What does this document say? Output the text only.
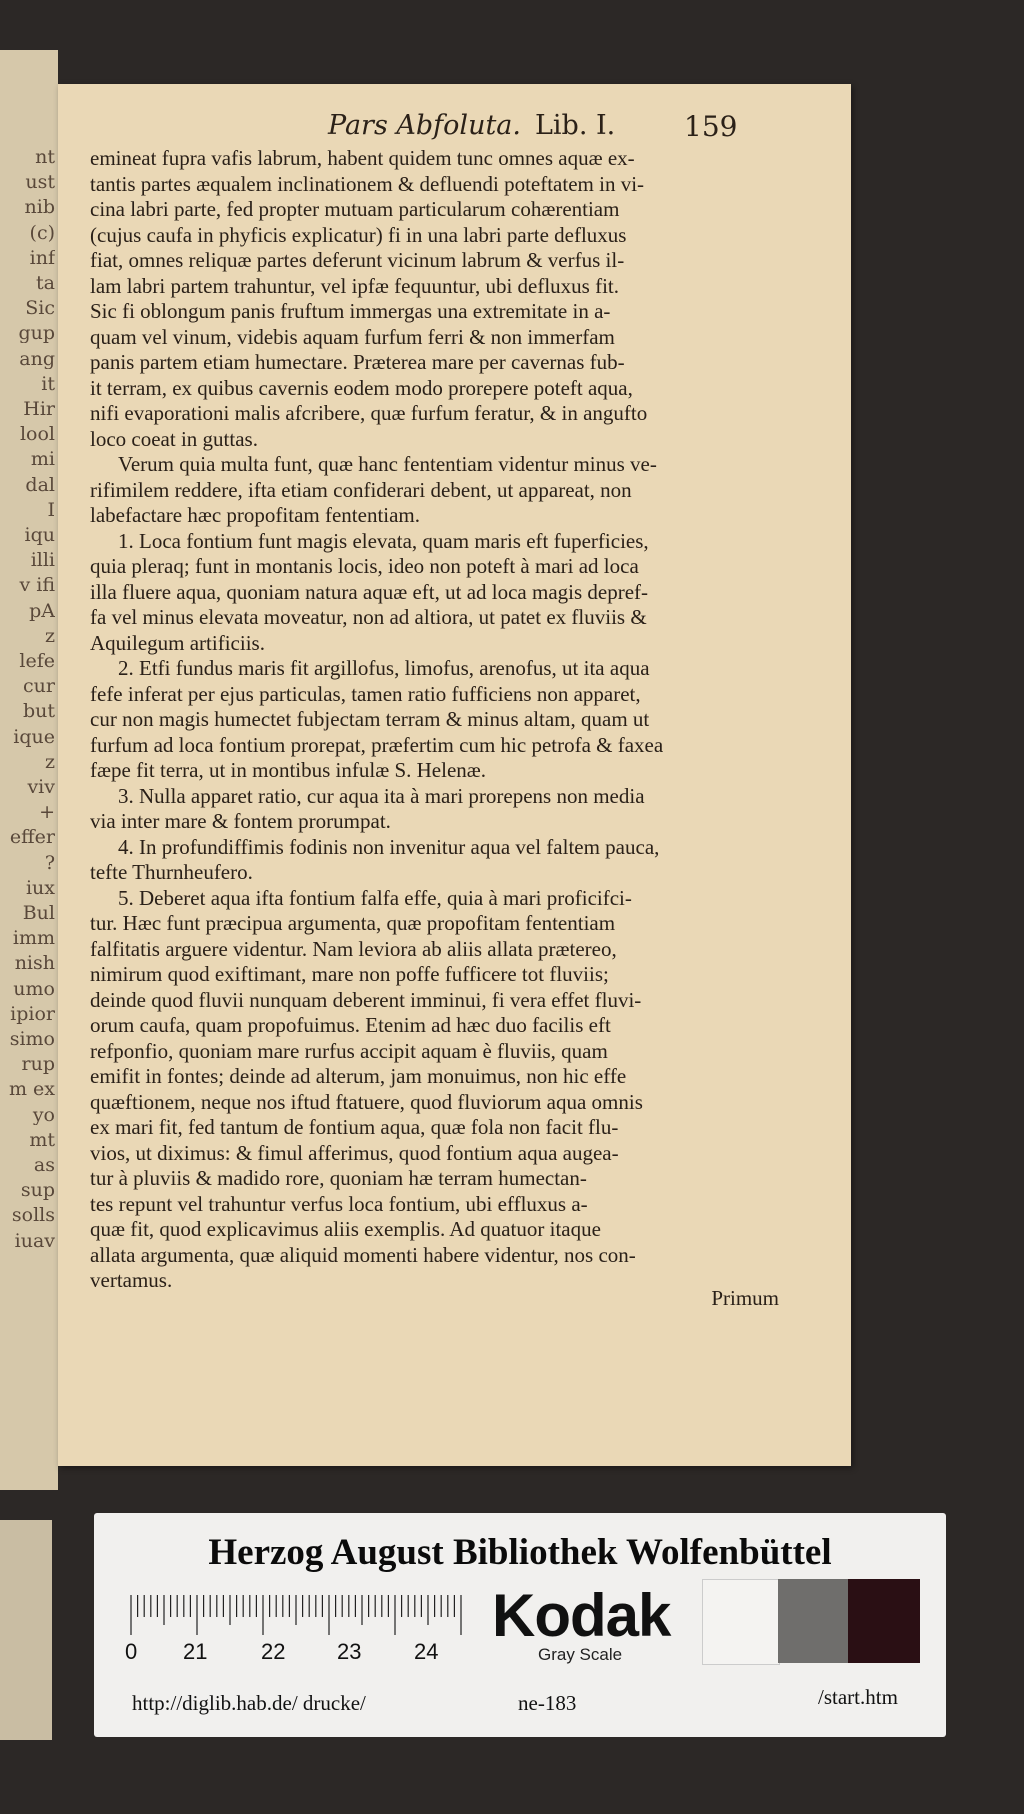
nt
ust
nib
(c)
inf
ta
Sic
gup
ang
it
Hir
lool
mi
dal
I
iqu
illi
v ifi
pA
z
lefe
cur
but
ique
z
viv
+
effer
?
iux
Bul
imm
nish
umo
ipior
simo
rup
m ex
yo
mt
as
sup
solls
iuav
Pars Abfoluta. Lib. I. 159
emineat fupra vafis labrum, habent quidem tunc omnes aquæ ex-
tantis partes æqualem inclinationem & defluendi poteftatem in vi-
cina labri parte, fed propter mutuam particularum cohærentiam
(cujus caufa in phyficis explicatur) fi in una labri parte defluxus
fiat, omnes reliquæ partes deferunt vicinum labrum & verfus il-
lam labri partem trahuntur, vel ipfæ fequuntur, ubi defluxus fit.
Sic fi oblongum panis fruftum immergas una extremitate in a-
quam vel vinum, videbis aquam furfum ferri & non immerfam
panis partem etiam humectare. Præterea mare per cavernas fub-
it terram, ex quibus cavernis eodem modo prorepere poteft aqua,
nifi evaporationi malis afcribere, quæ furfum feratur, & in angufto
loco coeat in guttas.
Verum quia multa funt, quæ hanc fententiam videntur minus ve-
rifimilem reddere, ifta etiam confiderari debent, ut appareat, non
labefactare hæc propofitam fententiam.
1. Loca fontium funt magis elevata, quam maris eft fuperficies,
quia pleraq; funt in montanis locis, ideo non poteft à mari ad loca
illa fluere aqua, quoniam natura aquæ eft, ut ad loca magis depref-
fa vel minus elevata moveatur, non ad altiora, ut patet ex fluviis &
Aquilegum artificiis.
2. Etfi fundus maris fit argillofus, limofus, arenofus, ut ita aqua
fefe inferat per ejus particulas, tamen ratio fufficiens non apparet,
cur non magis humectet fubjectam terram & minus altam, quam ut
furfum ad loca fontium prorepat, præfertim cum hic petrofa & faxea
fæpe fit terra, ut in montibus infulæ S. Helenæ.
3. Nulla apparet ratio, cur aqua ita à mari prorepens non media
via inter mare & fontem prorumpat.
4. In profundiffimis fodinis non invenitur aqua vel faltem pauca,
tefte Thurnheufero.
5. Deberet aqua ifta fontium falfa effe, quia à mari proficifci-
tur. Hæc funt præcipua argumenta, quæ propofitam fententiam
falfitatis arguere videntur. Nam leviora ab aliis allata prætereo,
nimirum quod exiftimant, mare non poffe fufficere tot fluviis;
deinde quod fluvii nunquam deberent imminui, fi vera effet fluvi-
orum caufa, quam propofuimus. Etenim ad hæc duo facilis eft
refponfio, quoniam mare rurfus accipit aquam è fluviis, quam
emifit in fontes; deinde ad alterum, jam monuimus, non hic effe
quæftionem, neque nos iftud ftatuere, quod fluviorum aqua omnis
ex mari fit, fed tantum de fontium aqua, quæ fola non facit flu-
vios, ut diximus: & fimul afferimus, quod fontium aqua augea-
tur à pluviis & madido rore, quoniam hæ terram humectan-
tes repunt vel trahuntur verfus loca fontium, ubi effluxus a-
quæ fit, quod explicavimus aliis exemplis. Ad quatuor itaque
allata argumenta, quæ aliquid momenti habere videntur, nos con-
vertamus.
Primum
Herzog August Bibliothek Wolfenbüttel
0 21 22 23 24
Kodak
Gray Scale
http://diglib.hab.de/ drucke/	ne-183	/start.htm
